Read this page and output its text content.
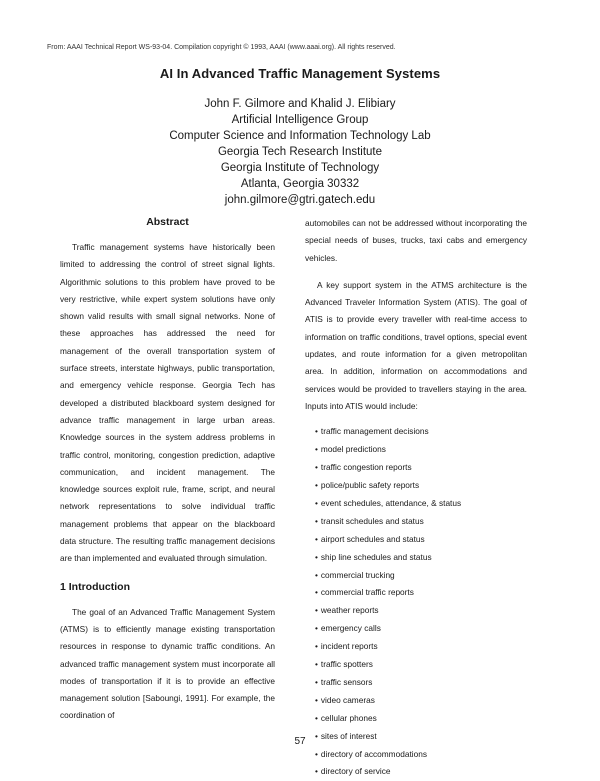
From: AAAI Technical Report WS-93-04. Compilation copyright © 1993, AAAI (www.aaai.org). All rights reserved.
AI In Advanced Traffic Management Systems
John F. Gilmore and Khalid J. Elibiary
Artificial Intelligence Group
Computer Science and Information Technology Lab
Georgia Tech Research Institute
Georgia Institute of Technology
Atlanta, Georgia 30332
john.gilmore@gtri.gatech.edu
Abstract

Traffic management systems have historically been limited to addressing the control of street signal lights. Algorithmic solutions to this problem have proved to be very restrictive, while expert system solutions have only shown valid results with small signal networks. None of these approaches has addressed the need for management of the overall transportation system of surface streets, interstate highways, public transportation, and emergency vehicle response. Georgia Tech has developed a distributed blackboard system designed for advance traffic management in large urban areas. Knowledge sources in the system address problems in traffic control, monitoring, congestion prediction, adaptive communication, and incident management. The knowledge sources exploit rule, frame, script, and neural network representations to solve individual traffic management problems that appear on the blackboard data structure. The resulting traffic management decisions are than implemented and evaluated through simulation.

1 Introduction

The goal of an Advanced Traffic Management System (ATMS) is to efficiently manage existing transportation resources in response to dynamic traffic conditions. An advanced traffic management system must incorporate all modes of transportation if it is to provide an effective management solution [Saboungi, 1991]. For example, the coordination of

automobiles can not be addressed without incorporating the special needs of buses, trucks, taxi cabs and emergency vehicles.

A key support system in the ATMS architecture is the Advanced Traveler Information System (ATIS). The goal of ATIS is to provide every traveller with real-time access to information on traffic conditions, travel options, special event updates, and route information for a given metropolitan area. In addition, information on accommodations and services would be provided to travellers staying in the area. Inputs into ATIS would include:

• traffic management decisions
• model predictions
• traffic congestion reports
• police/public safety reports
• event schedules, attendance, & status
• transit schedules and status
• airport schedules and status
• ship line schedules and status
• commercial trucking
• commercial traffic reports
• weather reports
• emergency calls
• incident reports
• traffic spotters
• traffic sensors
• video cameras
• cellular phones
• sites of interest
• directory of accommodations
• directory of service
57
